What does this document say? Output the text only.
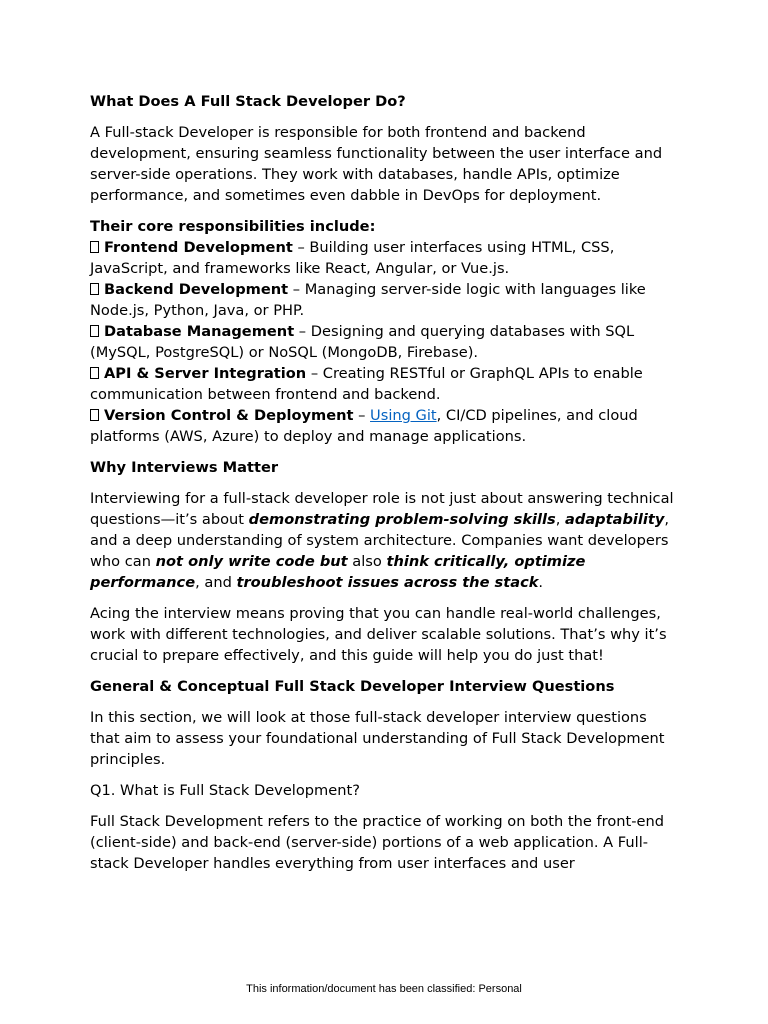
What Does A Full Stack Developer Do?

A Full-stack Developer is responsible for both frontend and backend development, ensuring seamless functionality between the user interface and server-side operations. They work with databases, handle APIs, optimize performance, and sometimes even dabble in DevOps for deployment.

Their core responsibilities include:
Frontend Development – Building user interfaces using HTML, CSS, JavaScript, and frameworks like React, Angular, or Vue.js.
Backend Development – Managing server-side logic with languages like Node.js, Python, Java, or PHP.
Database Management – Designing and querying databases with SQL (MySQL, PostgreSQL) or NoSQL (MongoDB, Firebase).
API & Server Integration – Creating RESTful or GraphQL APIs to enable communication between frontend and backend.
Version Control & Deployment – Using Git, CI/CD pipelines, and cloud platforms (AWS, Azure) to deploy and manage applications.

Why Interviews Matter

Interviewing for a full-stack developer role is not just about answering technical questions—it’s about demonstrating problem-solving skills, adaptability, and a deep understanding of system architecture. Companies want developers who can not only write code but also think critically, optimize performance, and troubleshoot issues across the stack.

Acing the interview means proving that you can handle real-world challenges, work with different technologies, and deliver scalable solutions. That’s why it’s crucial to prepare effectively, and this guide will help you do just that!

General & Conceptual Full Stack Developer Interview Questions

In this section, we will look at those full-stack developer interview questions that aim to assess your foundational understanding of Full Stack Development principles.

Q1. What is Full Stack Development?

Full Stack Development refers to the practice of working on both the front-end (client-side) and back-end (server-side) portions of a web application. A Full-stack Developer handles everything from user interfaces and user

This information/document has been classified: Personal
